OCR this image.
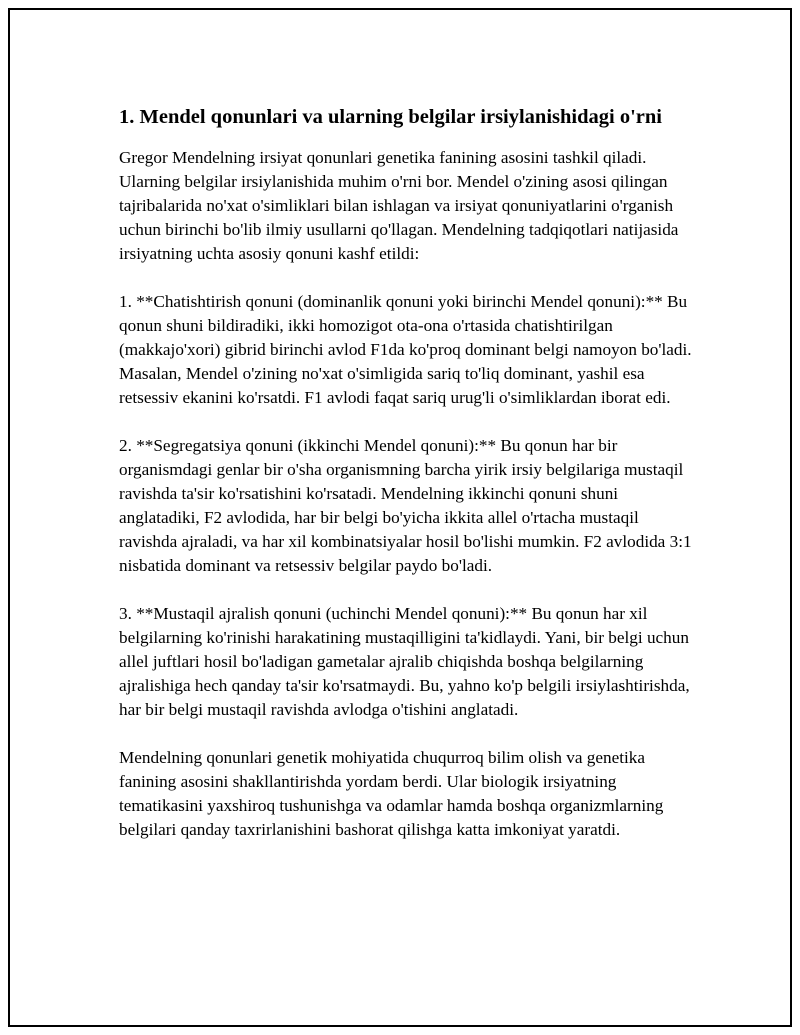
1. Mendel qonunlari va ularning belgilar irsiylanishidagi o'rni

Gregor Mendelning irsiyat qonunlari genetika fanining asosini tashkil qiladi. Ularning belgilar irsiylanishida muhim o'rni bor. Mendel o'zining asosi qilingan tajribalarida no'xat o'simliklari bilan ishlagan va irsiyat qonuniyatlarini o'rganish uchun birinchi bo'lib ilmiy usullarni qo'llagan. Mendelning tadqiqotlari natijasida irsiyatning uchta asosiy qonuni kashf etildi:

1. **Chatishtirish qonuni (dominanlik qonuni yoki birinchi Mendel qonuni):** Bu qonun shuni bildiradiki, ikki homozigot ota-ona o'rtasida chatishtirilgan (makkajo'xori) gibrid birinchi avlod F1da ko'proq dominant belgi namoyon bo'ladi. Masalan, Mendel o'zining no'xat o'simligida sariq to'liq dominant, yashil esa retsessiv ekanini ko'rsatdi. F1 avlodi faqat sariq urug'li o'simliklardan iborat edi.

2. **Segregatsiya qonuni (ikkinchi Mendel qonuni):** Bu qonun har bir organismdagi genlar bir o'sha organismning barcha yirik irsiy belgilariga mustaqil ravishda ta'sir ko'rsatishini ko'rsatadi. Mendelning ikkinchi qonuni shuni anglatadiki, F2 avlodida, har bir belgi bo'yicha ikkita allel o'rtacha mustaqil ravishda ajraladi, va har xil kombinatsiyalar hosil bo'lishi mumkin. F2 avlodida 3:1 nisbatida dominant va retsessiv belgilar paydo bo'ladi.

3. **Mustaqil ajralish qonuni (uchinchi Mendel qonuni):** Bu qonun har xil belgilarning ko'rinishi harakatining mustaqilligini ta'kidlaydi. Yani, bir belgi uchun allel juftlari hosil bo'ladigan gametalar ajralib chiqishda boshqa belgilarning ajralishiga hech qanday ta'sir ko'rsatmaydi. Bu, yahno ko'p belgili irsiylashtirishda, har bir belgi mustaqil ravishda avlodga o'tishini anglatadi.

Mendelning qonunlari genetik mohiyatida chuqurroq bilim olish va genetika fanining asosini shakllantirishda yordam berdi. Ular biologik irsiyatning tematikasini yaxshiroq tushunishga va odamlar hamda boshqa organizmlarning belgilari qanday taxrirlanishini bashorat qilishga katta imkoniyat yaratdi.
